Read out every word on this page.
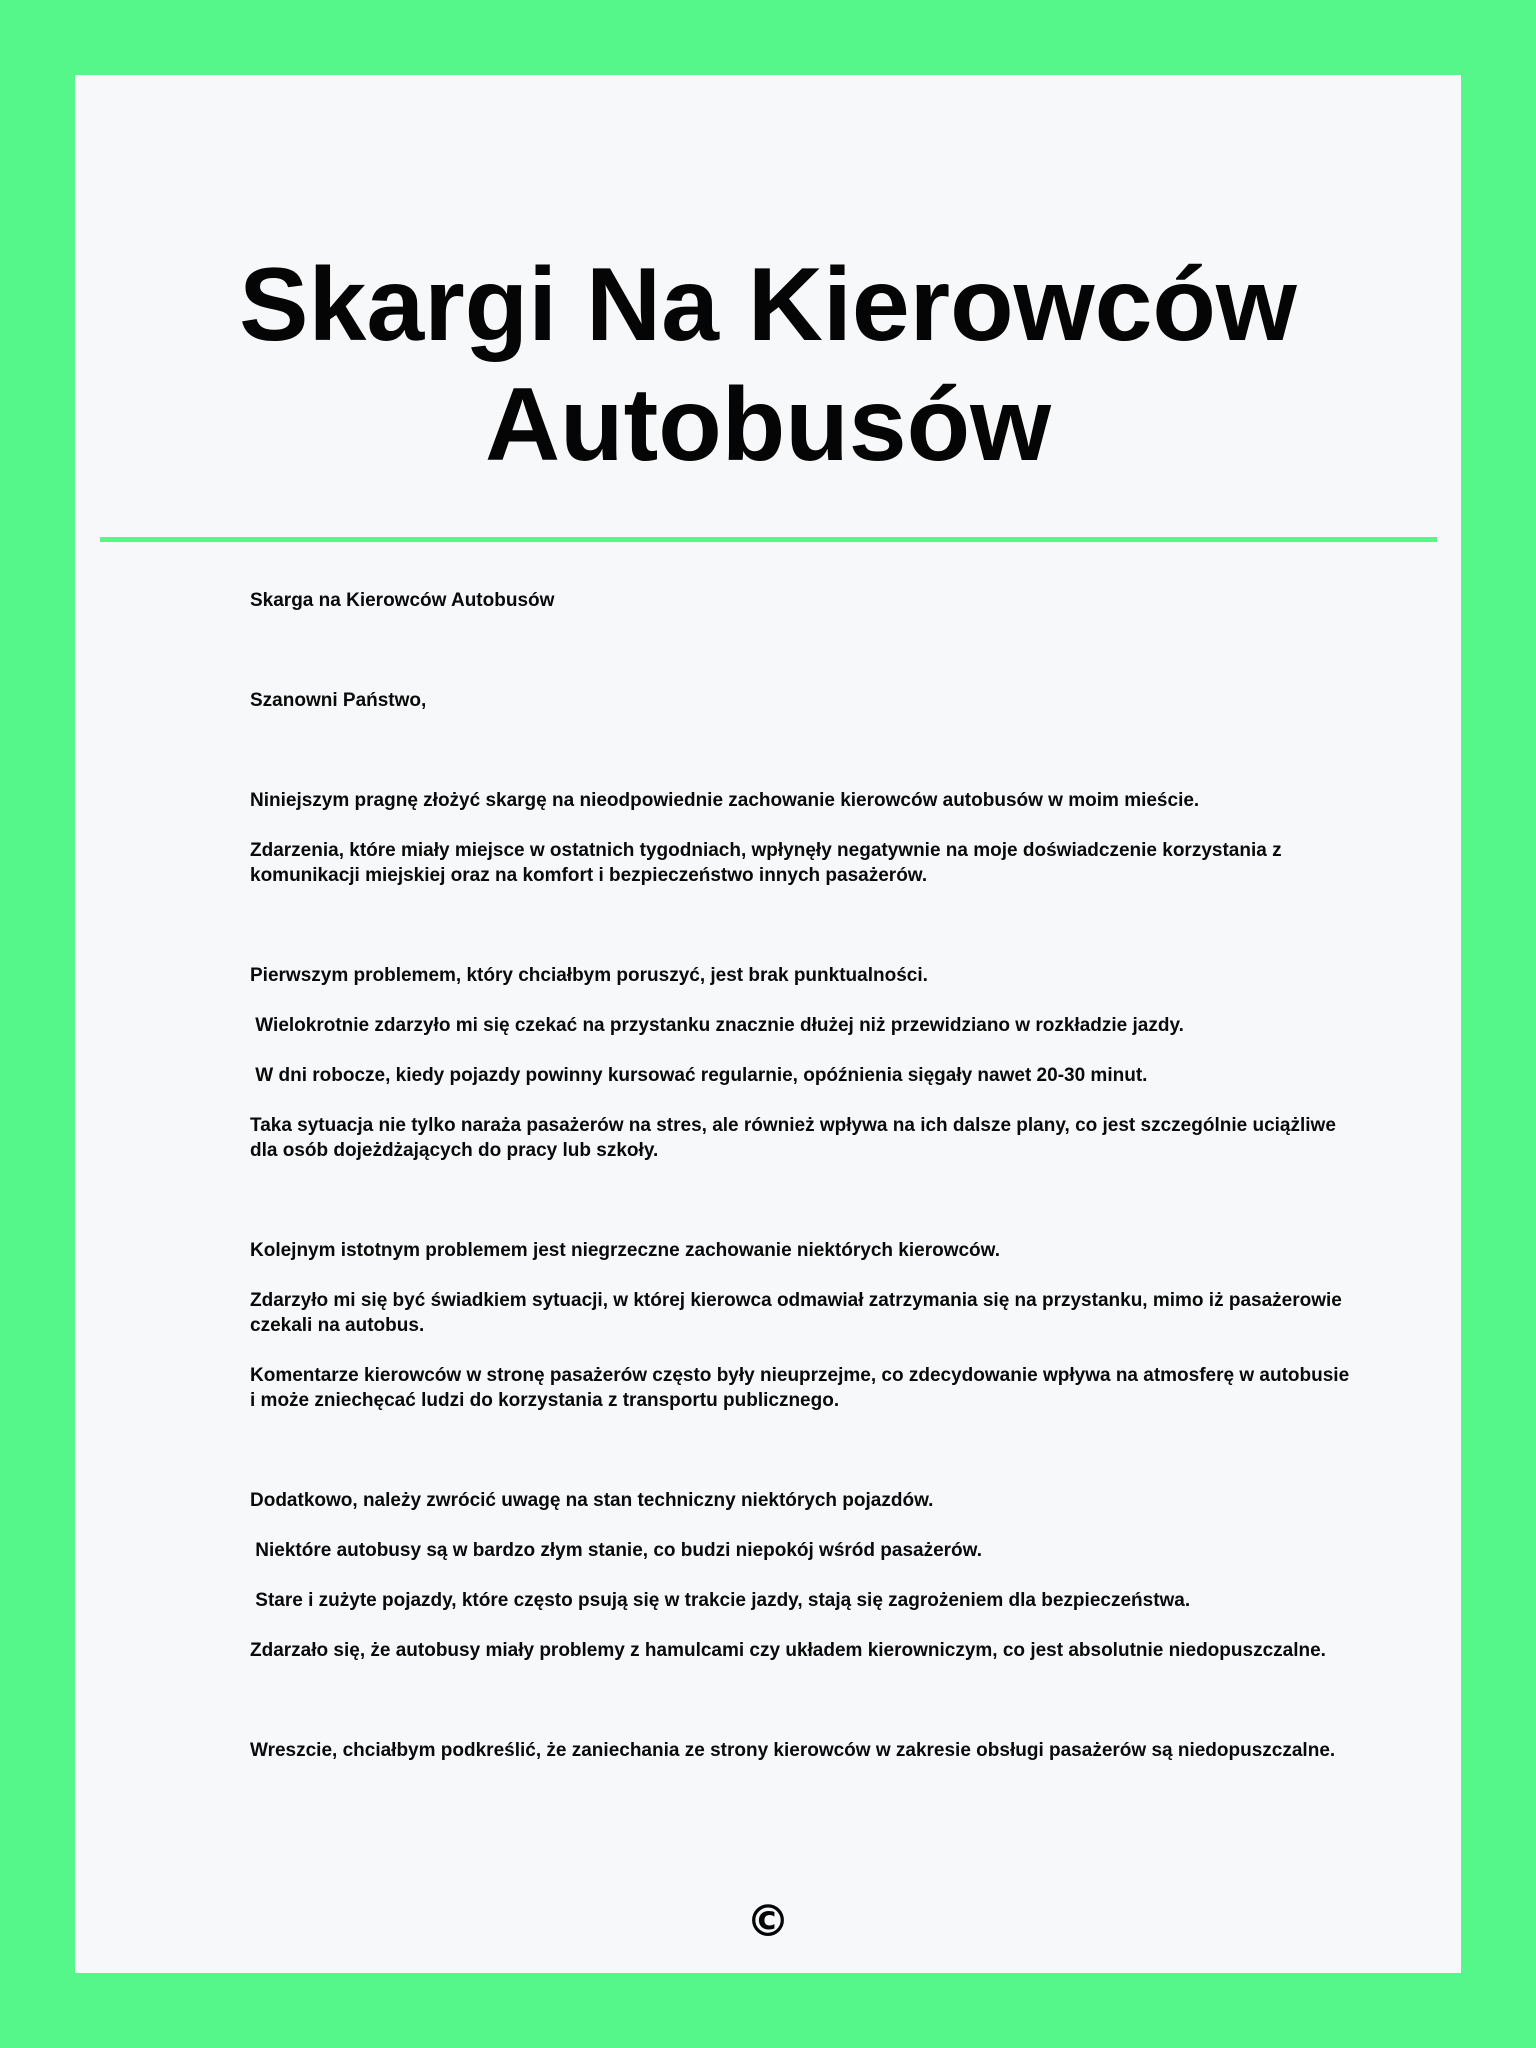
Skargi Na Kierowców Autobusów

Skarga na Kierowców Autobusów

Szanowni Państwo,

Niniejszym pragnę złożyć skargę na nieodpowiednie zachowanie kierowców autobusów w moim mieście.

Zdarzenia, które miały miejsce w ostatnich tygodniach, wpłynęły negatywnie na moje doświadczenie korzystania z komunikacji miejskiej oraz na komfort i bezpieczeństwo innych pasażerów.

Pierwszym problemem, który chciałbym poruszyć, jest brak punktualności.

Wielokrotnie zdarzyło mi się czekać na przystanku znacznie dłużej niż przewidziano w rozkładzie jazdy.

W dni robocze, kiedy pojazdy powinny kursować regularnie, opóźnienia sięgały nawet 20-30 minut.

Taka sytuacja nie tylko naraża pasażerów na stres, ale również wpływa na ich dalsze plany, co jest szczególnie uciążliwe dla osób dojeżdżających do pracy lub szkoły.

Kolejnym istotnym problemem jest niegrzeczne zachowanie niektórych kierowców.

Zdarzyło mi się być świadkiem sytuacji, w której kierowca odmawiał zatrzymania się na przystanku, mimo iż pasażerowie czekali na autobus.

Komentarze kierowców w stronę pasażerów często były nieuprzejme, co zdecydowanie wpływa na atmosferę w autobusie i może zniechęcać ludzi do korzystania z transportu publicznego.

Dodatkowo, należy zwrócić uwagę na stan techniczny niektórych pojazdów.

Niektóre autobusy są w bardzo złym stanie, co budzi niepokój wśród pasażerów.

Stare i zużyte pojazdy, które często psują się w trakcie jazdy, stają się zagrożeniem dla bezpieczeństwa.

Zdarzało się, że autobusy miały problemy z hamulcami czy układem kierowniczym, co jest absolutnie niedopuszczalne.

Wreszcie, chciałbym podkreślić, że zaniechania ze strony kierowców w zakresie obsługi pasażerów są niedopuszczalne.

©
